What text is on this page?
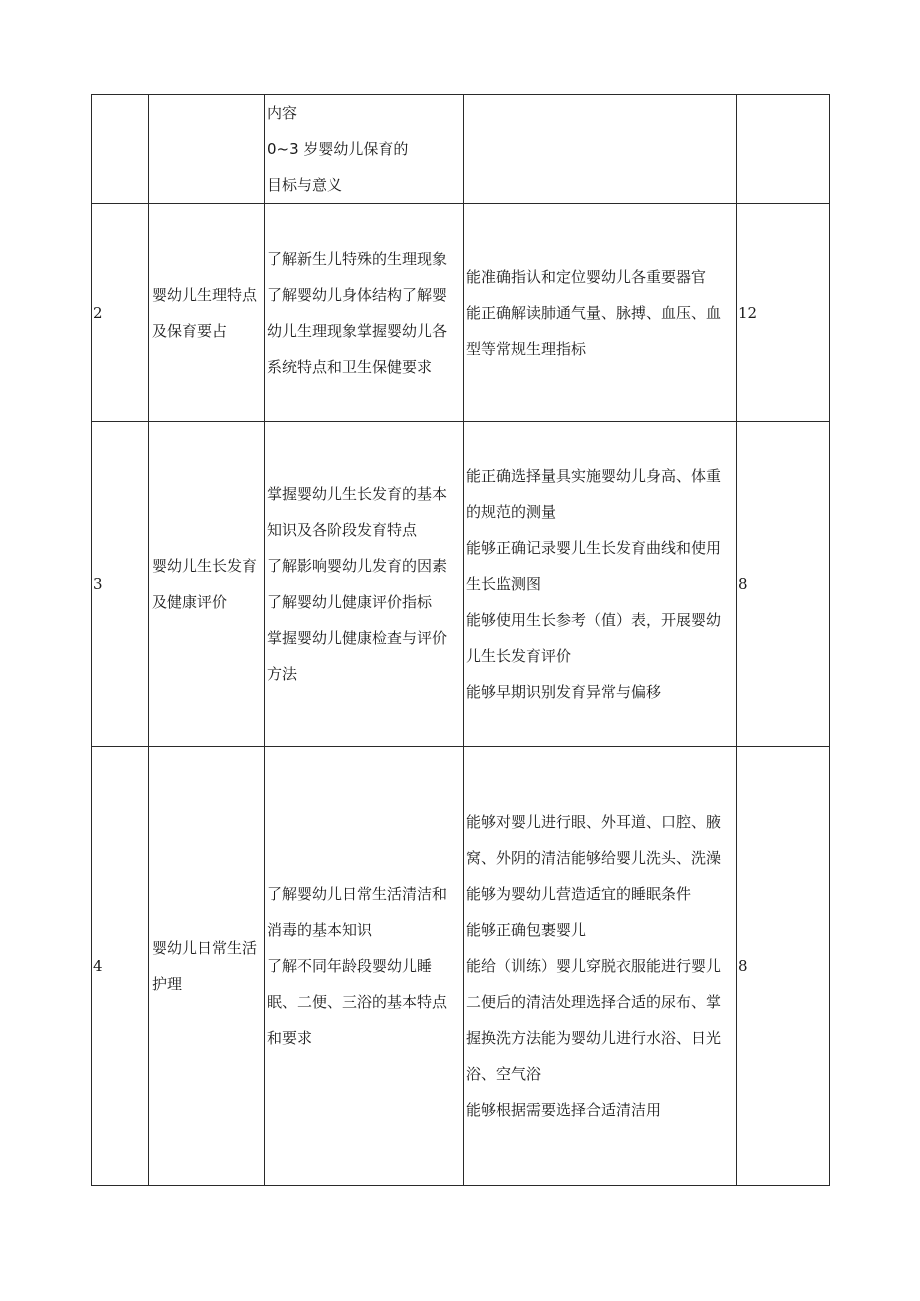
		内容
0~3 岁婴幼儿保育的
目标与意义		

2	婴幼儿生理特点及保育要占	了解新生儿特殊的生理现象
了解婴幼儿身体结构了解婴幼儿生理现象掌握婴幼儿各系统特点和卫生保健要求	能准确指认和定位婴幼儿各重要器官
能正确解读肺通气量、脉搏、血压、血型等常规生理指标	12

3	婴幼儿生长发育及健康评价	掌握婴幼儿生长发育的基本知识及各阶段发育特点
了解影响婴幼儿发育的因素
了解婴幼儿健康评价指标
掌握婴幼儿健康检查与评价方法	能正确选择量具实施婴幼儿身高、体重的规范的测量
能够正确记录婴儿生长发育曲线和使用生长监测图
能够使用生长参考（值）表，开展婴幼儿生长发育评价
能够早期识别发育异常与偏移	8

4	婴幼儿日常生活护理	了解婴幼儿日常生活清洁和消毒的基本知识
了解不同年龄段婴幼儿睡眠、二便、三浴的基本特点和要求	能够对婴儿进行眼、外耳道、口腔、腋窝、外阴的清洁能够给婴儿洗头、洗澡
能够为婴幼儿营造适宜的睡眠条件
能够正确包裹婴儿
能给（训练）婴儿穿脱衣服能进行婴儿二便后的清洁处理选择合适的尿布、掌握换洗方法能为婴幼儿进行水浴、日光浴、空气浴
能够根据需要选择合适清洁用	8
